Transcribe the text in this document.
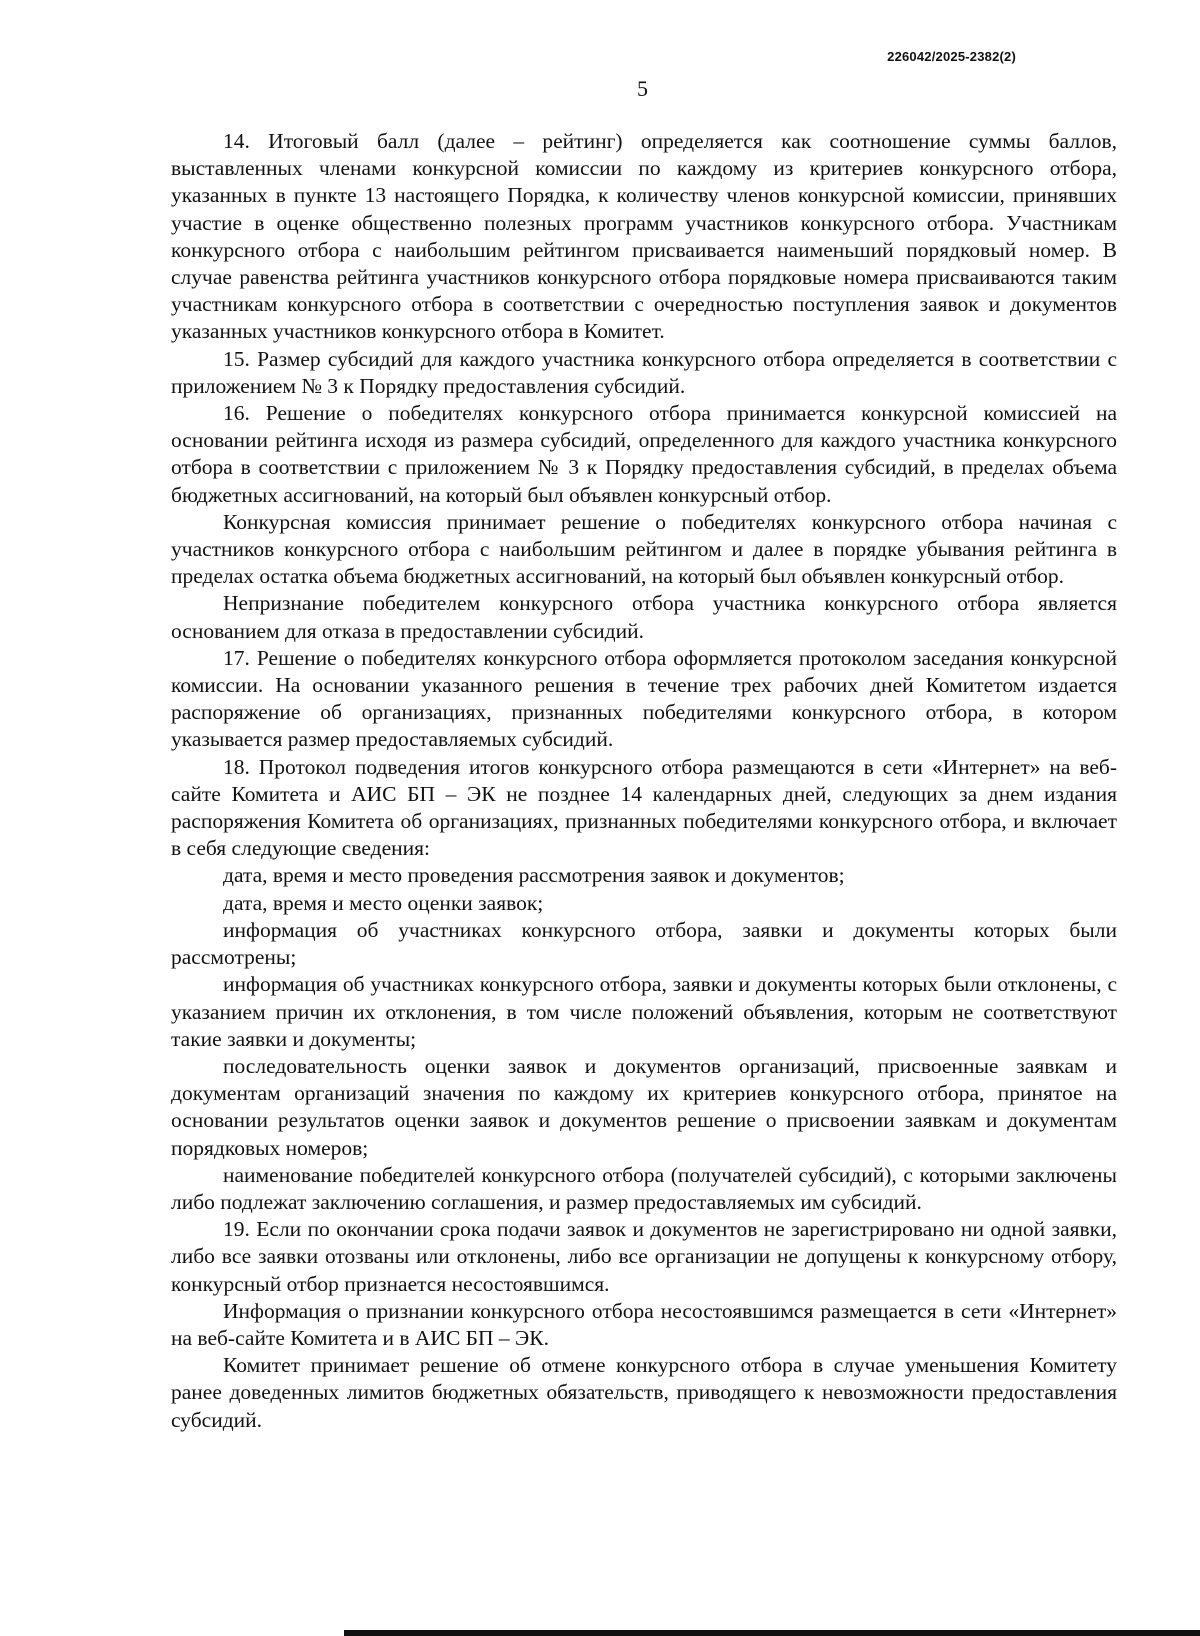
226042/2025-2382(2)
5

14. Итоговый балл (далее – рейтинг) определяется как соотношение суммы баллов, выставленных членами конкурсной комиссии по каждому из критериев конкурсного отбора, указанных в пункте 13 настоящего Порядка, к количеству членов конкурсной комиссии, принявших участие в оценке общественно полезных программ участников конкурсного отбора. Участникам конкурсного отбора с наибольшим рейтингом присваивается наименьший порядковый номер. В случае равенства рейтинга участников конкурсного отбора порядковые номера присваиваются таким участникам конкурсного отбора в соответствии с очередностью поступления заявок и документов указанных участников конкурсного отбора в Комитет.

15. Размер субсидий для каждого участника конкурсного отбора определяется в соответствии с приложением № 3 к Порядку предоставления субсидий.

16. Решение о победителях конкурсного отбора принимается конкурсной комиссией на основании рейтинга исходя из размера субсидий, определенного для каждого участника конкурсного отбора в соответствии с приложением № 3 к Порядку предоставления субсидий, в пределах объема бюджетных ассигнований, на который был объявлен конкурсный отбор.

Конкурсная комиссия принимает решение о победителях конкурсного отбора начиная с участников конкурсного отбора с наибольшим рейтингом и далее в порядке убывания рейтинга в пределах остатка объема бюджетных ассигнований, на который был объявлен конкурсный отбор.

Непризнание победителем конкурсного отбора участника конкурсного отбора является основанием для отказа в предоставлении субсидий.

17. Решение о победителях конкурсного отбора оформляется протоколом заседания конкурсной комиссии. На основании указанного решения в течение трех рабочих дней Комитетом издается распоряжение об организациях, признанных победителями конкурсного отбора, в котором указывается размер предоставляемых субсидий.

18. Протокол подведения итогов конкурсного отбора размещаются в сети «Интернет» на веб-сайте Комитета и АИС БП – ЭК не позднее 14 календарных дней, следующих за днем издания распоряжения Комитета об организациях, признанных победителями конкурсного отбора, и включает в себя следующие сведения:

дата, время и место проведения рассмотрения заявок и документов;

дата, время и место оценки заявок;

информация об участниках конкурсного отбора, заявки и документы которых были рассмотрены;

информация об участниках конкурсного отбора, заявки и документы которых были отклонены, с указанием причин их отклонения, в том числе положений объявления, которым не соответствуют такие заявки и документы;

последовательность оценки заявок и документов организаций, присвоенные заявкам и документам организаций значения по каждому их критериев конкурсного отбора, принятое на основании результатов оценки заявок и документов решение о присвоении заявкам и документам порядковых номеров;

наименование победителей конкурсного отбора (получателей субсидий), с которыми заключены либо подлежат заключению соглашения, и размер предоставляемых им субсидий.

19. Если по окончании срока подачи заявок и документов не зарегистрировано ни одной заявки, либо все заявки отозваны или отклонены, либо все организации не допущены к конкурсному отбору, конкурсный отбор признается несостоявшимся.

Информация о признании конкурсного отбора несостоявшимся размещается в сети «Интернет» на веб-сайте Комитета и в АИС БП – ЭК.

Комитет принимает решение об отмене конкурсного отбора в случае уменьшения Комитету ранее доведенных лимитов бюджетных обязательств, приводящего к невозможности предоставления субсидий.
